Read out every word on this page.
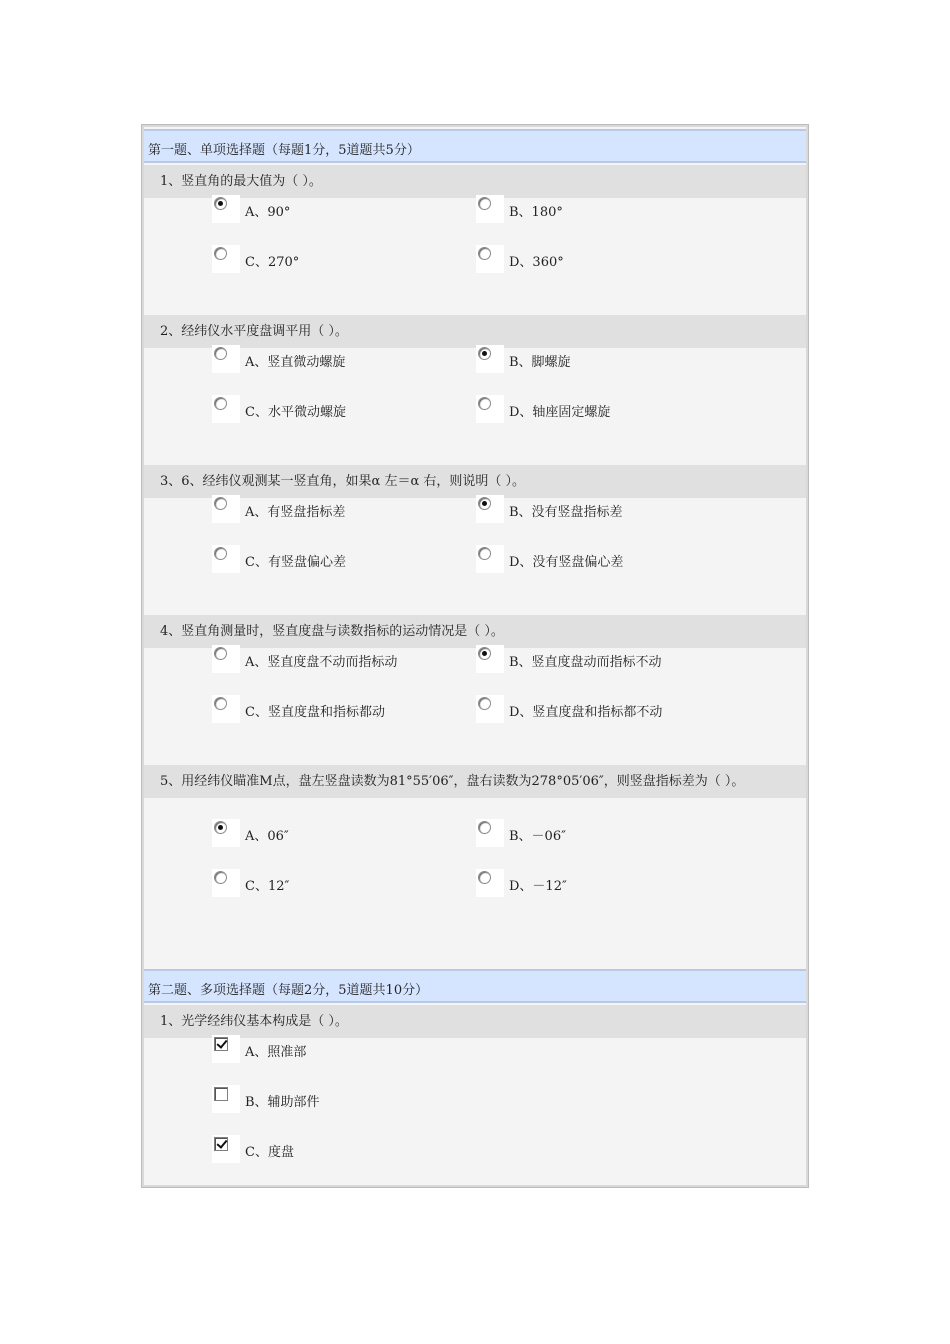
第一题、单项选择题（每题1分，5道题共5分）
1、竖直角的最大值为（ ）。
A、90°	B、180°
C、270°	D、360°
2、经纬仪水平度盘调平用（ ）。
A、竖直微动螺旋	B、脚螺旋
C、水平微动螺旋	D、轴座固定螺旋
3、6、经纬仪观测某一竖直角，如果α 左＝α 右，则说明（ ）。
A、有竖盘指标差	B、没有竖盘指标差
C、有竖盘偏心差	D、没有竖盘偏心差
4、竖直角测量时，竖直度盘与读数指标的运动情况是（ ）。
A、竖直度盘不动而指标动	B、竖直度盘动而指标不动
C、竖直度盘和指标都动	D、竖直度盘和指标都不动
5、用经纬仪瞄准M点，盘左竖盘读数为81°55′06″，盘右读数为278°05′06″，则竖盘指标差为（ ）。
A、06″	B、－06″
C、12″	D、－12″
第二题、多项选择题（每题2分，5道题共10分）
1、光学经纬仪基本构成是（ ）。
A、照准部
B、辅助部件
C、度盘
